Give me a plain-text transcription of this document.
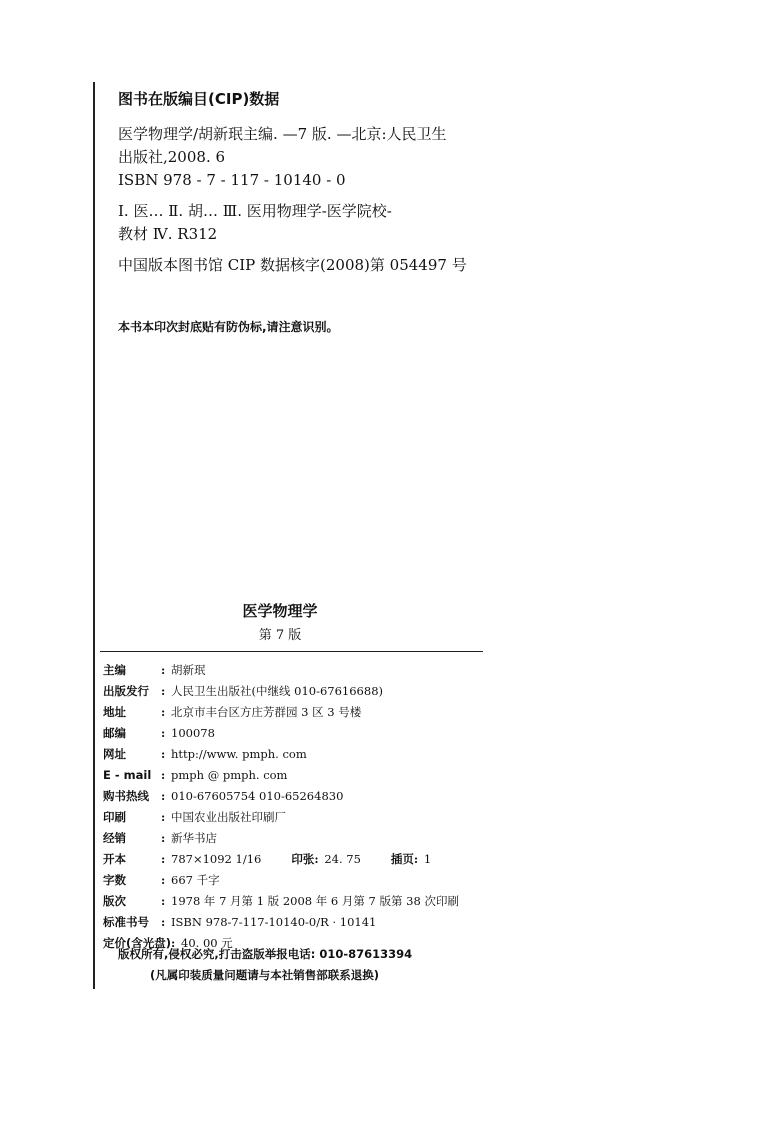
图书在版编目(CIP)数据

医学物理学/胡新珉主编. —7 版. —北京:人民卫生

出版社,2008. 6

ISBN 978 - 7 - 117 - 10140 - 0

Ⅰ. 医… Ⅱ. 胡… Ⅲ. 医用物理学-医学院校-

教材 Ⅳ. R312

中国版本图书馆 CIP 数据核字(2008)第 054497 号

本书本印次封底贴有防伪标,请注意识别。
医学物理学
第 7 版
主编	: 胡新珉
出版发行	: 人民卫生出版社(中继线 010-67616688)
地址	: 北京市丰台区方庄芳群园 3 区 3 号楼
邮编	: 100078
网址	: http://www. pmph. com
E - mail : pmph @ pmph. com
购书热线	: 010-67605754 010-65264830
印刷	: 中国农业出版社印刷厂
经销	: 新华书店
开本	: 787×1092 1/16	印张 : 24. 75	插页 : 1
字数	: 667 千字
版次	: 1978 年 7 月第 1 版 2008 年 6 月第 7 版第 38 次印刷
标准书号	: ISBN 978-7-117-10140-0/R · 10141
定价(含光盘) : 40. 00 元
版权所有,侵权必究,打击盗版举报电话: 010-87613394
(凡属印装质量问题请与本社销售部联系退换)
